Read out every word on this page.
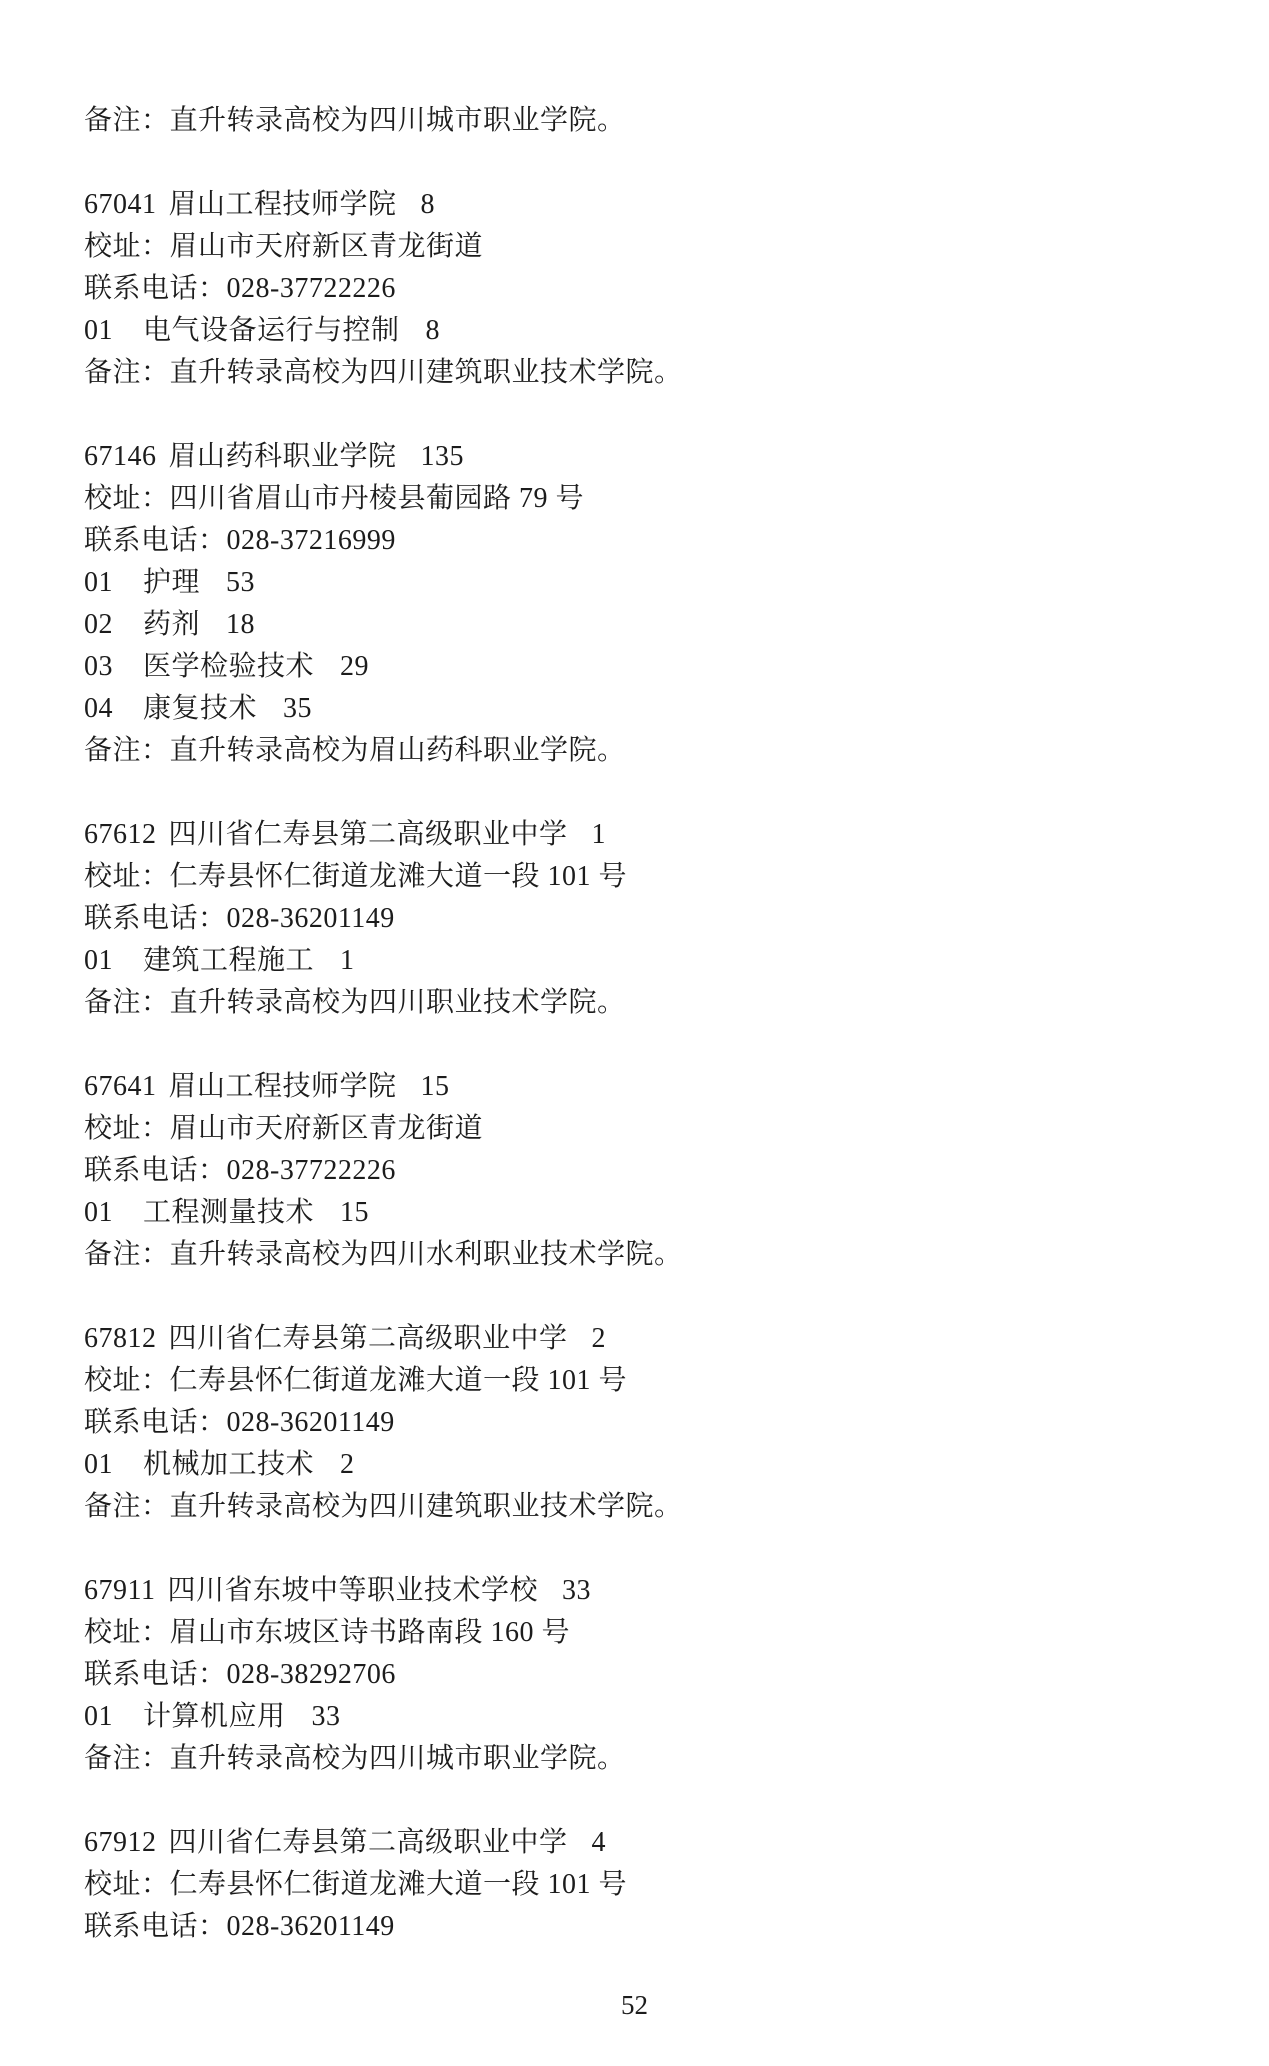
备注：直升转录高校为四川城市职业学院。

67041 眉山工程技师学院 8

校址：眉山市天府新区青龙街道

联系电话：028-37722226

01 电气设备运行与控制 8

备注：直升转录高校为四川建筑职业技术学院。

67146 眉山药科职业学院 135

校址：四川省眉山市丹棱县葡园路 79 号

联系电话：028-37216999

01 护理 53

02 药剂 18

03 医学检验技术 29

04 康复技术 35

备注：直升转录高校为眉山药科职业学院。

67612 四川省仁寿县第二高级职业中学 1

校址：仁寿县怀仁街道龙滩大道一段 101 号

联系电话：028-36201149

01 建筑工程施工 1

备注：直升转录高校为四川职业技术学院。

67641 眉山工程技师学院 15

校址：眉山市天府新区青龙街道

联系电话：028-37722226

01 工程测量技术 15

备注：直升转录高校为四川水利职业技术学院。

67812 四川省仁寿县第二高级职业中学 2

校址：仁寿县怀仁街道龙滩大道一段 101 号

联系电话：028-36201149

01 机械加工技术 2

备注：直升转录高校为四川建筑职业技术学院。

67911 四川省东坡中等职业技术学校 33

校址：眉山市东坡区诗书路南段 160 号

联系电话：028-38292706

01 计算机应用 33

备注：直升转录高校为四川城市职业学院。

67912 四川省仁寿县第二高级职业中学 4

校址：仁寿县怀仁街道龙滩大道一段 101 号

联系电话：028-36201149

52
